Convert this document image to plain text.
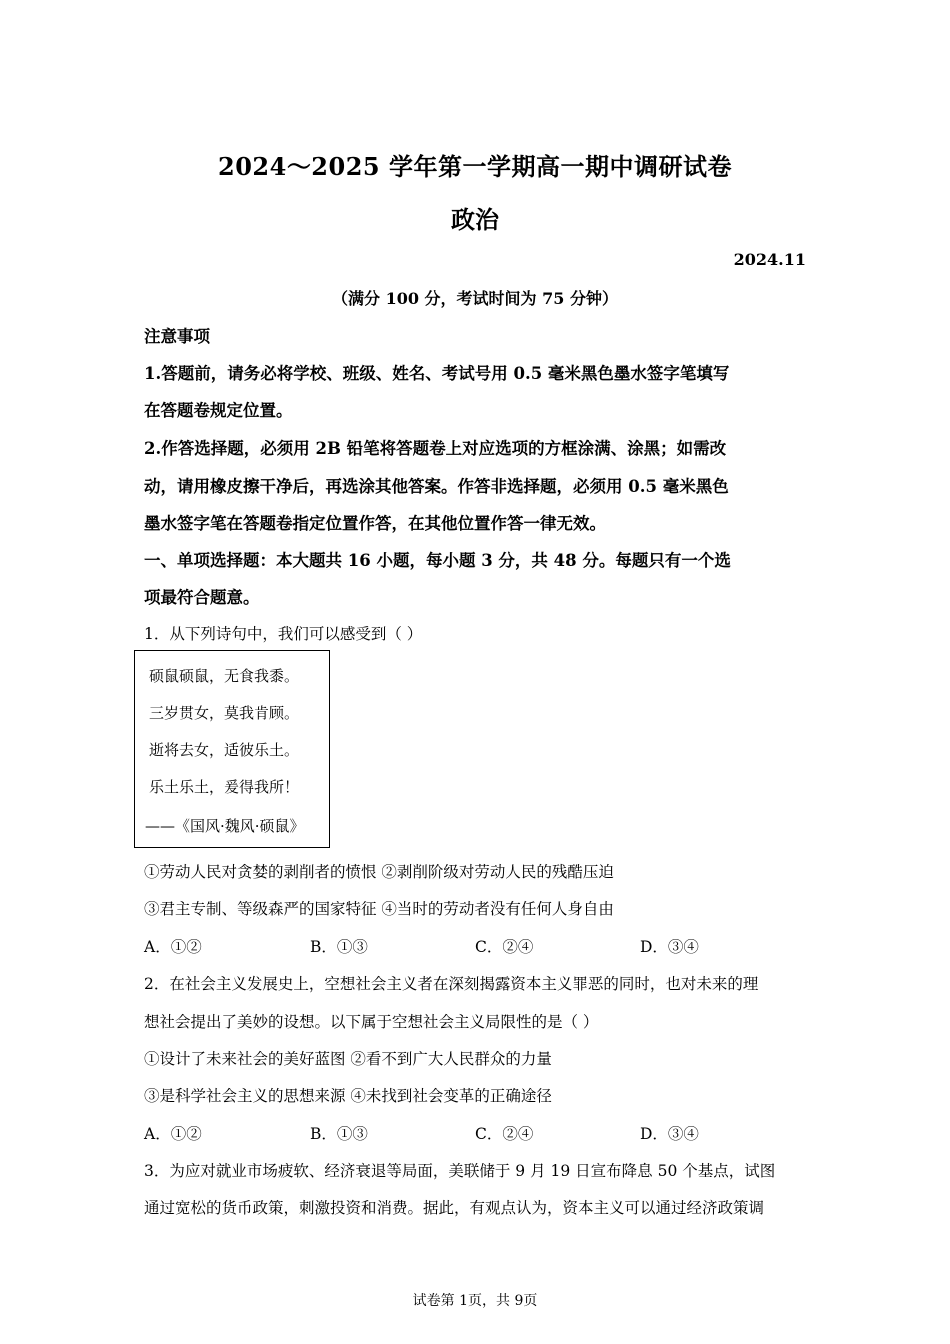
2024～2025 学年第一学期高一期中调研试卷
政治
2024.11
（满分 100 分，考试时间为 75 分钟）
注意事项
1.答题前，请务必将学校、班级、姓名、考试号用 0.5 毫米黑色墨水签字笔填写
在答题卷规定位置。
2.作答选择题，必须用 2B 铅笔将答题卷上对应选项的方框涂满、涂黑；如需改
动，请用橡皮擦干净后，再选涂其他答案。作答非选择题，必须用 0.5 毫米黑色
墨水签字笔在答题卷指定位置作答，在其他位置作答一律无效。
一、单项选择题：本大题共 16 小题，每小题 3 分，共 48 分。每题只有一个选
项最符合题意。
1．从下列诗句中，我们可以感受到（ ）
硕鼠硕鼠，无食我黍。
三岁贯女，莫我肯顾。
逝将去女，适彼乐土。
乐土乐土，爰得我所！
——《国风·魏风·硕鼠》
①劳动人民对贪婪的剥削者的愤恨 ②剥削阶级对劳动人民的残酷压迫
③君主专制、等级森严的国家特征 ④当时的劳动者没有任何人身自由
A．①②	B．①③	C．②④	D．③④
2．在社会主义发展史上，空想社会主义者在深刻揭露资本主义罪恶的同时，也对未来的理
想社会提出了美妙的设想。以下属于空想社会主义局限性的是（ ）
①设计了未来社会的美好蓝图 ②看不到广大人民群众的力量
③是科学社会主义的思想来源 ④未找到社会变革的正确途径
A．①②	B．①③	C．②④	D．③④
3．为应对就业市场疲软、经济衰退等局面，美联储于 9 月 19 日宣布降息 50 个基点，试图
通过宽松的货币政策，刺激投资和消费。据此，有观点认为，资本主义可以通过经济政策调
试卷第 1页，共 9页
